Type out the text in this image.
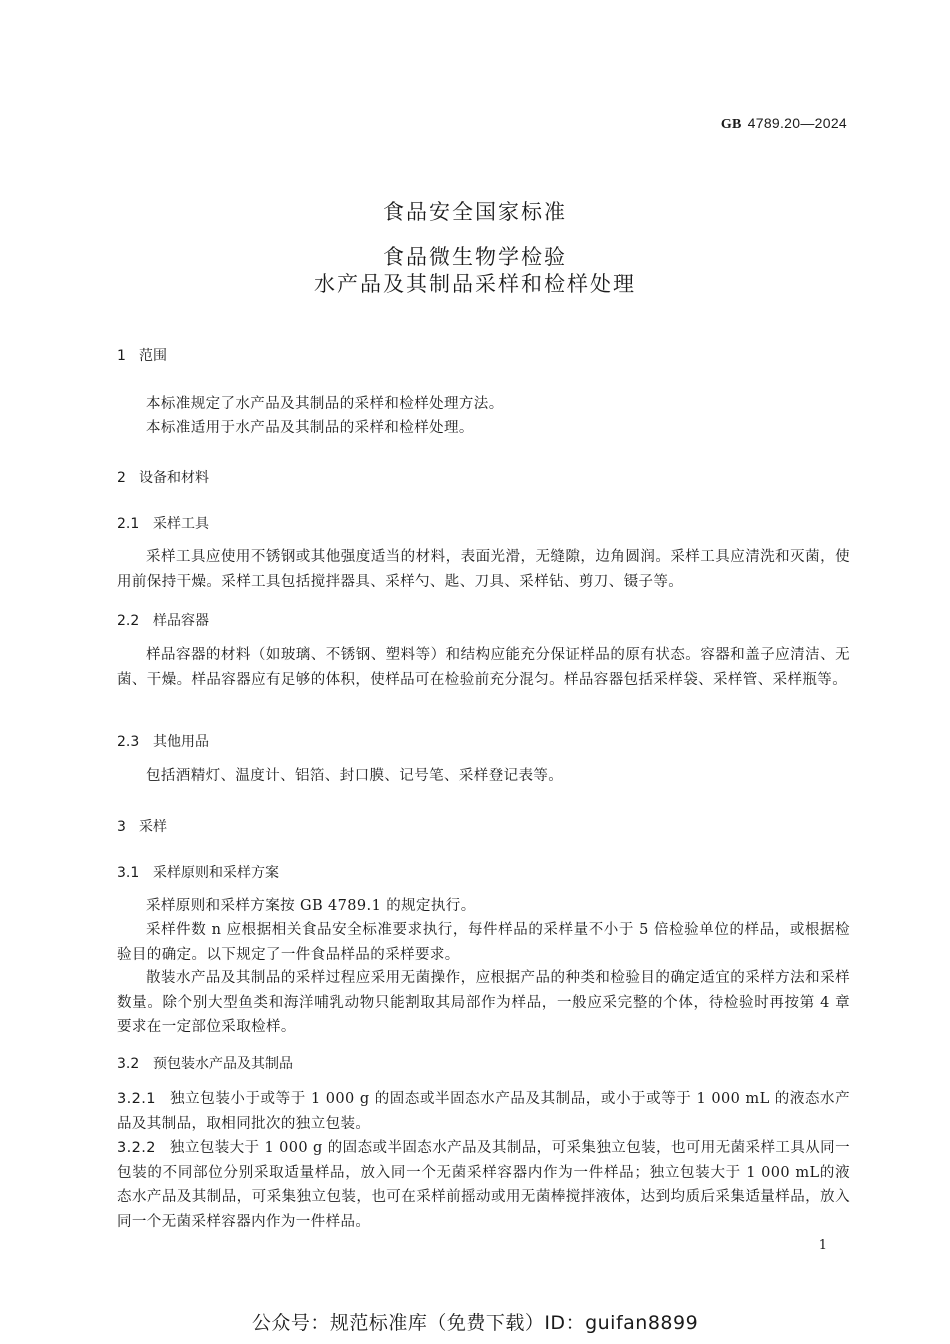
GB 4789.20—2024
食品安全国家标准
食品微生物学检验
水产品及其制品采样和检样处理
1 范围
本标准规定了水产品及其制品的采样和检样处理方法。
本标准适用于水产品及其制品的采样和检样处理。
2 设备和材料
2.1 采样工具
采样工具应使用不锈钢或其他强度适当的材料，表面光滑，无缝隙，边角圆润。采样工具应清洗和灭菌，使用前保持干燥。采样工具包括搅拌器具、采样勺、匙、刀具、采样钻、剪刀、镊子等。
2.2 样品容器
样品容器的材料（如玻璃、不锈钢、塑料等）和结构应能充分保证样品的原有状态。容器和盖子应清洁、无菌、干燥。样品容器应有足够的体积，使样品可在检验前充分混匀。样品容器包括采样袋、采样管、采样瓶等。
2.3 其他用品
包括酒精灯、温度计、铝箔、封口膜、记号笔、采样登记表等。
3 采样
3.1 采样原则和采样方案
采样原则和采样方案按 GB 4789.1 的规定执行。
采样件数 n 应根据相关食品安全标准要求执行，每件样品的采样量不小于 5 倍检验单位的样品，或根据检验目的确定。以下规定了一件食品样品的采样要求。
散装水产品及其制品的采样过程应采用无菌操作，应根据产品的种类和检验目的确定适宜的采样方法和采样数量。除个别大型鱼类和海洋哺乳动物只能割取其局部作为样品，一般应采完整的个体，待检验时再按第 4 章要求在一定部位采取检样。
3.2 预包装水产品及其制品
3.2.1 独立包装小于或等于 1 000 g 的固态或半固态水产品及其制品，或小于或等于 1 000 mL 的液态水产品及其制品，取相同批次的独立包装。
3.2.2 独立包装大于 1 000 g 的固态或半固态水产品及其制品，可采集独立包装，也可用无菌采样工具从同一包装的不同部位分别采取适量样品，放入同一个无菌采样容器内作为一件样品；独立包装大于 1 000 mL的液态水产品及其制品，可采集独立包装，也可在采样前摇动或用无菌棒搅拌液体，达到均质后采集适量样品，放入同一个无菌采样容器内作为一件样品。
1
公众号：规范标准库（免费下载）ID：guifan8899
